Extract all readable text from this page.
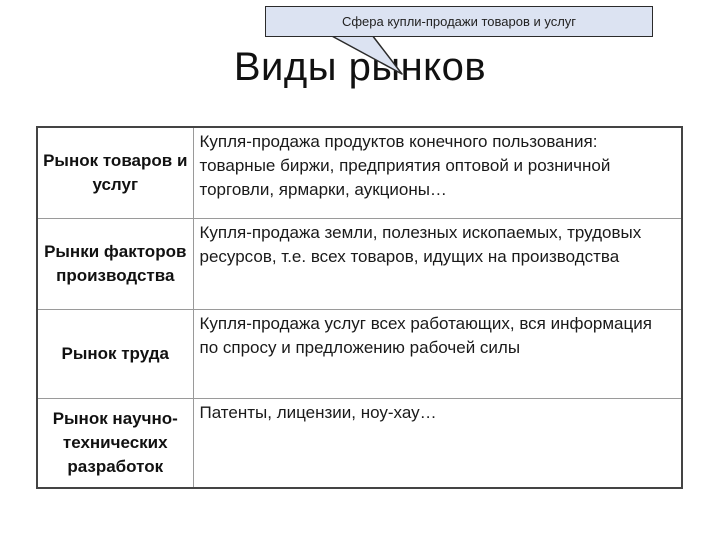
Сфера купли-продажи товаров и услуг
Виды рынков
Рынок товаров и услуг	Купля-продажа продуктов конечного пользования: товарные биржи, предприятия оптовой и розничной торговли, ярмарки, аукционы…
Рынки факторов производства	Купля-продажа земли, полезных ископаемых, трудовых ресурсов, т.е. всех товаров, идущих на производства
Рынок труда	Купля-продажа услуг всех работающих, вся информация по спросу и предложению рабочей силы
Рынок научно-технических разработок	Патенты, лицензии, ноу-хау…
